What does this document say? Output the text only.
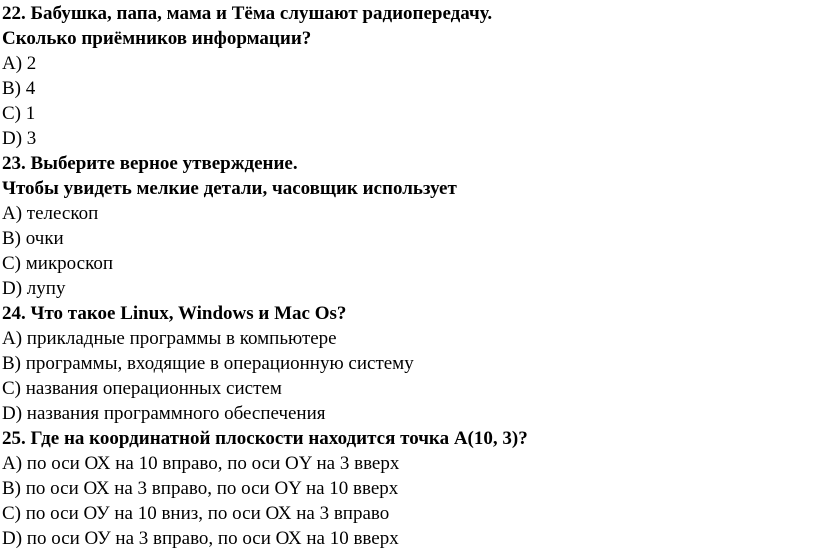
22. Бабушка, папа, мама и Тёма слушают радиопередачу.
Сколько приёмников информации?
А) 2
В) 4
С) 1
D) 3
23. Выберите верное утверждение.
Чтобы увидеть мелкие детали, часовщик использует
А) телескоп
В) очки
С) микроскоп
D) лупу
24. Что такое Linux, Windows и Mac Os?
А) прикладные программы в компьютере
В) программы, входящие в операционную систему
С) названия операционных систем
D) названия программного обеспечения
25. Где на координатной плоскости находится точка А(10, 3)?
А) по оси ОХ на 10 вправо, по оси ОY на 3 вверх
В) по оси ОХ на 3 вправо, по оси ОY на 10 вверх
С) по оси ОУ на 10 вниз, по оси ОХ на 3 вправо
D) по оси ОУ на 3 вправо, по оси ОХ на 10 вверх
